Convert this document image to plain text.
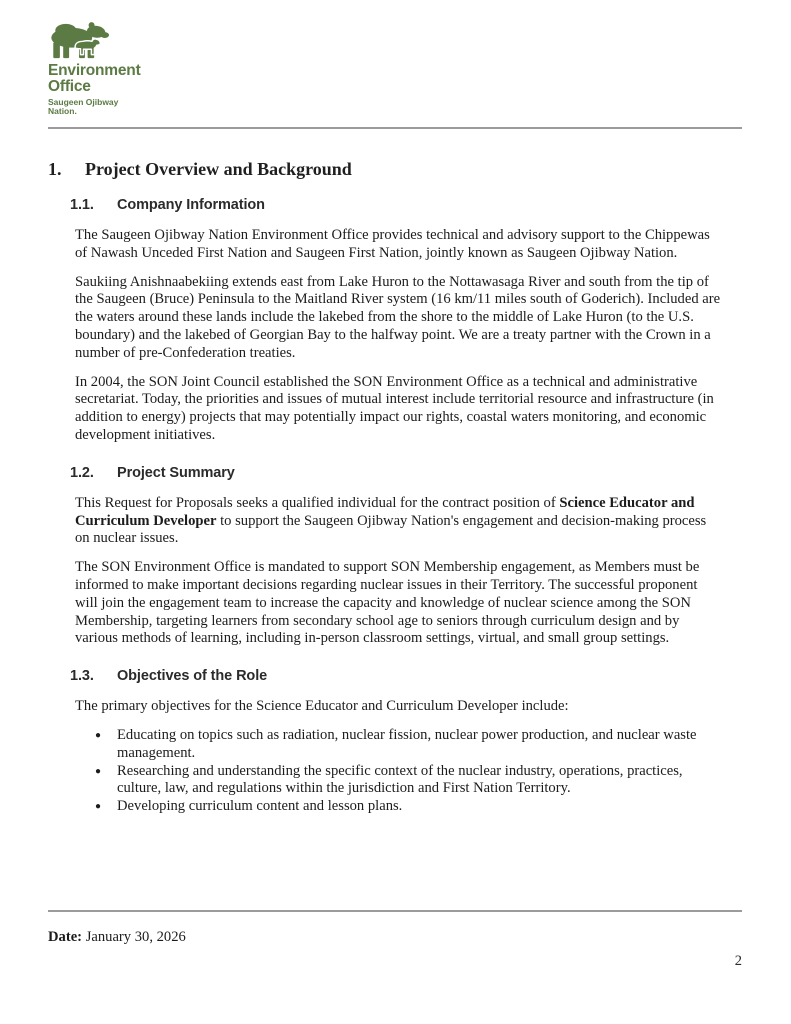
Environment
Office
Saugeen Ojibway
Nation.
1.	Project Overview and Background
1.1.	Company Information

The Saugeen Ojibway Nation Environment Office provides technical and advisory support to the Chippewas of Nawash Unceded First Nation and Saugeen First Nation, jointly known as Saugeen Ojibway Nation.

Saukiing Anishnaabekiing extends east from Lake Huron to the Nottawasaga River and south from the tip of the Saugeen (Bruce) Peninsula to the Maitland River system (16 km/11 miles south of Goderich). Included are the waters around these lands include the lakebed from the shore to the middle of Lake Huron (to the U.S. boundary) and the lakebed of Georgian Bay to the halfway point. We are a treaty partner with the Crown in a number of pre-Confederation treaties.

In 2004, the SON Joint Council established the SON Environment Office as a technical and administrative secretariat. Today, the priorities and issues of mutual interest include territorial resource and infrastructure (in addition to energy) projects that may potentially impact our rights, coastal waters monitoring, and economic development initiatives.

1.2.	Project Summary

This Request for Proposals seeks a qualified individual for the contract position of Science Educator and Curriculum Developer to support the Saugeen Ojibway Nation's engagement and decision-making process on nuclear issues.

The SON Environment Office is mandated to support SON Membership engagement, as Members must be informed to make important decisions regarding nuclear issues in their Territory. The successful proponent will join the engagement team to increase the capacity and knowledge of nuclear science among the SON Membership, targeting learners from secondary school age to seniors through curriculum design and by various methods of learning, including in-person classroom settings, virtual, and small group settings.

1.3.	Objectives of the Role

The primary objectives for the Science Educator and Curriculum Developer include:

● Educating on topics such as radiation, nuclear fission, nuclear power production, and nuclear waste management.
● Researching and understanding the specific context of the nuclear industry, operations, practices, culture, law, and regulations within the jurisdiction and First Nation Territory.
● Developing curriculum content and lesson plans.
Date: January 30, 2026
2
